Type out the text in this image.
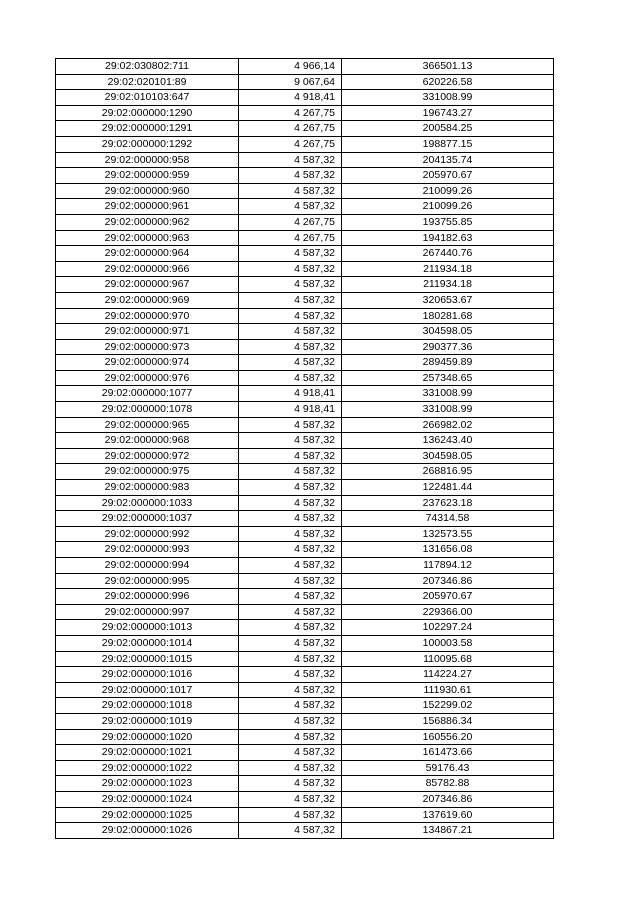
29:02:030802:711	4 966,14	366501.13
29:02:020101:89	9 067,64	620226.58
29:02:010103:647	4 918,41	331008.99
29:02:000000:1290	4 267,75	196743.27
29:02:000000:1291	4 267,75	200584.25
29:02:000000:1292	4 267,75	198877.15
29:02:000000:958	4 587,32	204135.74
29:02:000000:959	4 587,32	205970.67
29:02:000000:960	4 587,32	210099.26
29:02:000000:961	4 587,32	210099.26
29:02:000000:962	4 267,75	193755.85
29:02:000000:963	4 267,75	194182.63
29:02:000000:964	4 587,32	267440.76
29:02:000000:966	4 587,32	211934.18
29:02:000000:967	4 587,32	211934.18
29:02:000000:969	4 587,32	320653.67
29:02:000000:970	4 587,32	180281.68
29:02:000000:971	4 587,32	304598.05
29:02:000000:973	4 587,32	290377.36
29:02:000000:974	4 587,32	289459.89
29:02:000000:976	4 587,32	257348.65
29:02:000000:1077	4 918,41	331008.99
29:02:000000:1078	4 918,41	331008.99
29:02:000000:965	4 587,32	266982.02
29:02:000000:968	4 587,32	136243.40
29:02:000000:972	4 587,32	304598.05
29:02:000000:975	4 587,32	268816.95
29:02:000000:983	4 587,32	122481.44
29:02:000000:1033	4 587,32	237623.18
29:02:000000:1037	4 587,32	74314.58
29:02:000000:992	4 587,32	132573.55
29:02:000000:993	4 587,32	131656.08
29:02:000000:994	4 587,32	117894.12
29:02:000000:995	4 587,32	207346.86
29:02:000000:996	4 587,32	205970.67
29:02:000000:997	4 587,32	229366.00
29:02:000000:1013	4 587,32	102297.24
29:02:000000:1014	4 587,32	100003.58
29:02:000000:1015	4 587,32	110095.68
29:02:000000:1016	4 587,32	114224.27
29:02:000000:1017	4 587,32	111930.61
29:02:000000:1018	4 587,32	152299.02
29:02:000000:1019	4 587,32	156886.34
29:02:000000:1020	4 587,32	160556.20
29:02:000000:1021	4 587,32	161473.66
29:02:000000:1022	4 587,32	59176.43
29:02:000000:1023	4 587,32	85782.88
29:02:000000:1024	4 587,32	207346.86
29:02:000000:1025	4 587,32	137619.60
29:02:000000:1026	4 587,32	134867.21
